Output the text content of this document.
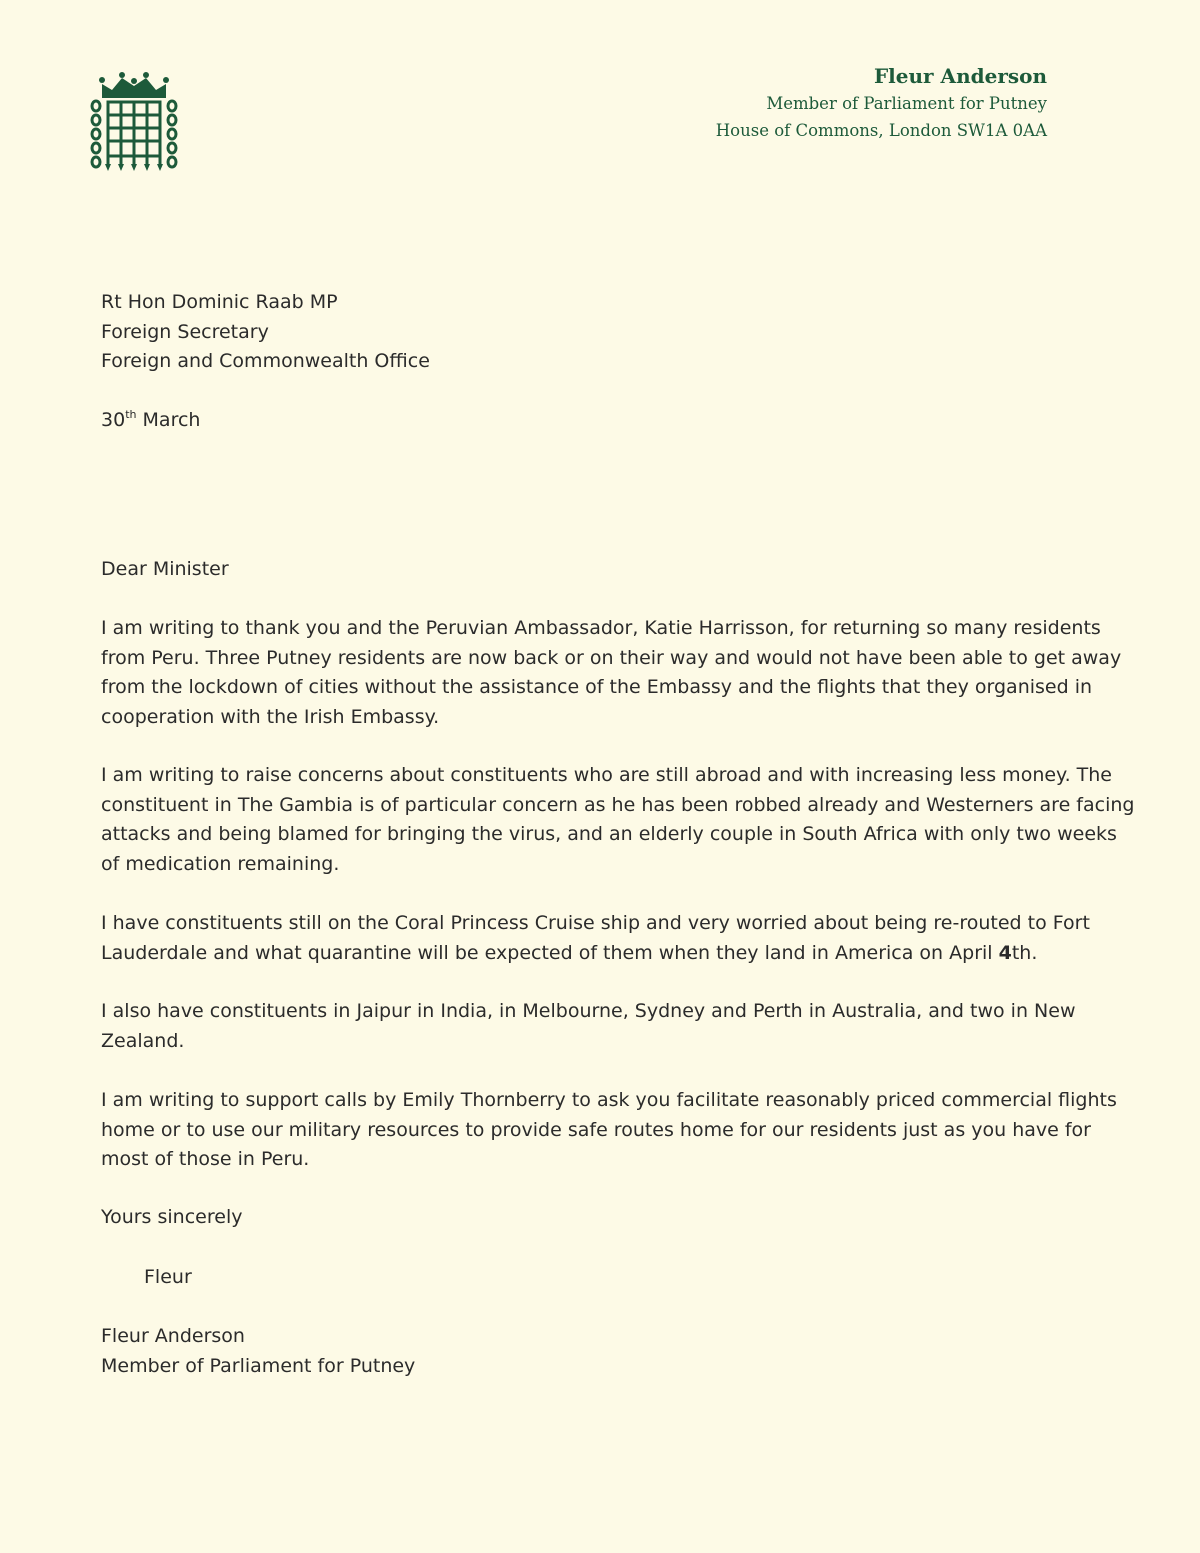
Fleur Anderson
Member of Parliament for Putney
House of Commons, London SW1A 0AA
Rt Hon Dominic Raab MP
Foreign Secretary
Foreign and Commonwealth Office
30th March
Dear Minister
I am writing to thank you and the Peruvian Ambassador, Katie Harrisson, for returning so many residents
from Peru. Three Putney residents are now back or on their way and would not have been able to get away
from the lockdown of cities without the assistance of the Embassy and the flights that they organised in
cooperation with the Irish Embassy.
I am writing to raise concerns about constituents who are still abroad and with increasing less money. The
constituent in The Gambia is of particular concern as he has been robbed already and Westerners are facing
attacks and being blamed for bringing the virus, and an elderly couple in South Africa with only two weeks
of medication remaining.
I have constituents still on the Coral Princess Cruise ship and very worried about being re-routed to Fort
Lauderdale and what quarantine will be expected of them when they land in America on April 4th.
I also have constituents in Jaipur in India, in Melbourne, Sydney and Perth in Australia, and two in New
Zealand.
I am writing to support calls by Emily Thornberry to ask you facilitate reasonably priced commercial flights
home or to use our military resources to provide safe routes home for our residents just as you have for
most of those in Peru.
Yours sincerely
Fleur
Fleur Anderson
Member of Parliament for Putney
